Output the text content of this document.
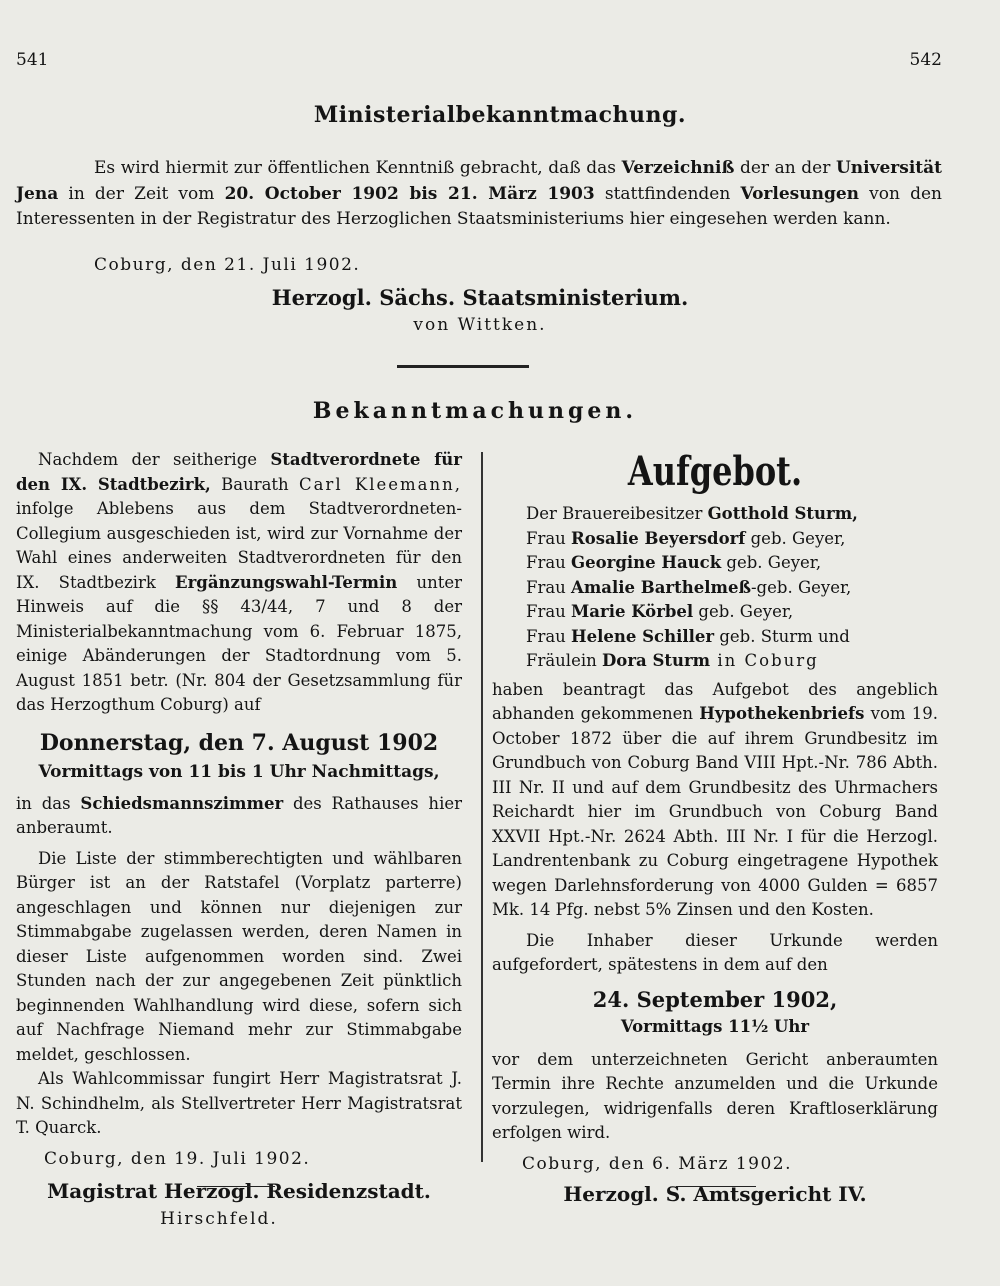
541	542
Ministerialbekanntmachung.

Es wird hiermit zur öffentlichen Kenntniß gebracht, daß das Verzeichniß der an der Universität Jena in der Zeit vom 20. October 1902 bis 21. März 1903 stattfindenden Vorlesungen von den Interessenten in der Registratur des Herzoglichen Staatsministeriums hier eingesehen werden kann.

Coburg, den 21. Juli 1902.
Herzogl. Sächs. Staatsministerium.
von Wittken.
Bekanntmachungen.

Nachdem der seitherige Stadtverordnete für den IX. Stadtbezirk, Baurath Carl Kleemann, infolge Ablebens aus dem Stadtverordneten-Collegium ausgeschieden ist, wird zur Vornahme der Wahl eines anderweiten Stadtverordneten für den IX. Stadtbezirk Ergänzungswahl-Termin unter Hinweis auf die §§ 43/44, 7 und 8 der Ministerialbekanntmachung vom 6. Februar 1875, einige Abänderungen der Stadtordnung vom 5. August 1851 betr. (Nr. 804 der Gesetzsammlung für das Herzogthum Coburg) auf

Donnerstag, den 7. August 1902
Vormittags von 11 bis 1 Uhr Nachmittags,

in das Schiedsmannszimmer des Rathauses hier anberaumt.

Die Liste der stimmberechtigten und wählbaren Bürger ist an der Ratstafel (Vorplatz parterre) angeschlagen und können nur diejenigen zur Stimmabgabe zugelassen werden, deren Namen in dieser Liste aufgenommen worden sind. Zwei Stunden nach der zur angegebenen Zeit pünktlich beginnenden Wahlhandlung wird diese, sofern sich auf Nachfrage Niemand mehr zur Stimmabgabe meldet, geschlossen.

Als Wahlcommissar fungirt Herr Magistratsrat J. N. Schindhelm, als Stellvertreter Herr Magistratsrat T. Quarck.

Coburg, den 19. Juli 1902.
Magistrat Herzogl. Residenzstadt.
Hirschfeld.
Aufgebot.
Der Brauereibesitzer Gotthold Sturm,
Frau Rosalie Beyersdorf geb. Geyer,
Frau Georgine Hauck geb. Geyer,
Frau Amalie Barthelmeß-geb. Geyer,
Frau Marie Körbel geb. Geyer,
Frau Helene Schiller geb. Sturm und
Fräulein Dora Sturm in Coburg

haben beantragt das Aufgebot des angeblich abhanden gekommenen Hypothekenbriefs vom 19. October 1872 über die auf ihrem Grundbesitz im Grundbuch von Coburg Band VIII Hpt.-Nr. 786 Abth. III Nr. II und auf dem Grundbesitz des Uhrmachers Reichardt hier im Grundbuch von Coburg Band XXVII Hpt.-Nr. 2624 Abth. III Nr. I für die Herzogl. Landrentenbank zu Coburg eingetragene Hypothek wegen Darlehnsforderung von 4000 Gulden = 6857 Mk. 14 Pfg. nebst 5% Zinsen und den Kosten.

Die Inhaber dieser Urkunde werden aufgefordert, spätestens in dem auf den

24. September 1902,
Vormittags 11½ Uhr

vor dem unterzeichneten Gericht anberaumten Termin ihre Rechte anzumelden und die Urkunde vorzulegen, widrigenfalls deren Kraftloserklärung erfolgen wird.

Coburg, den 6. März 1902.
Herzogl. S. Amtsgericht IV.
